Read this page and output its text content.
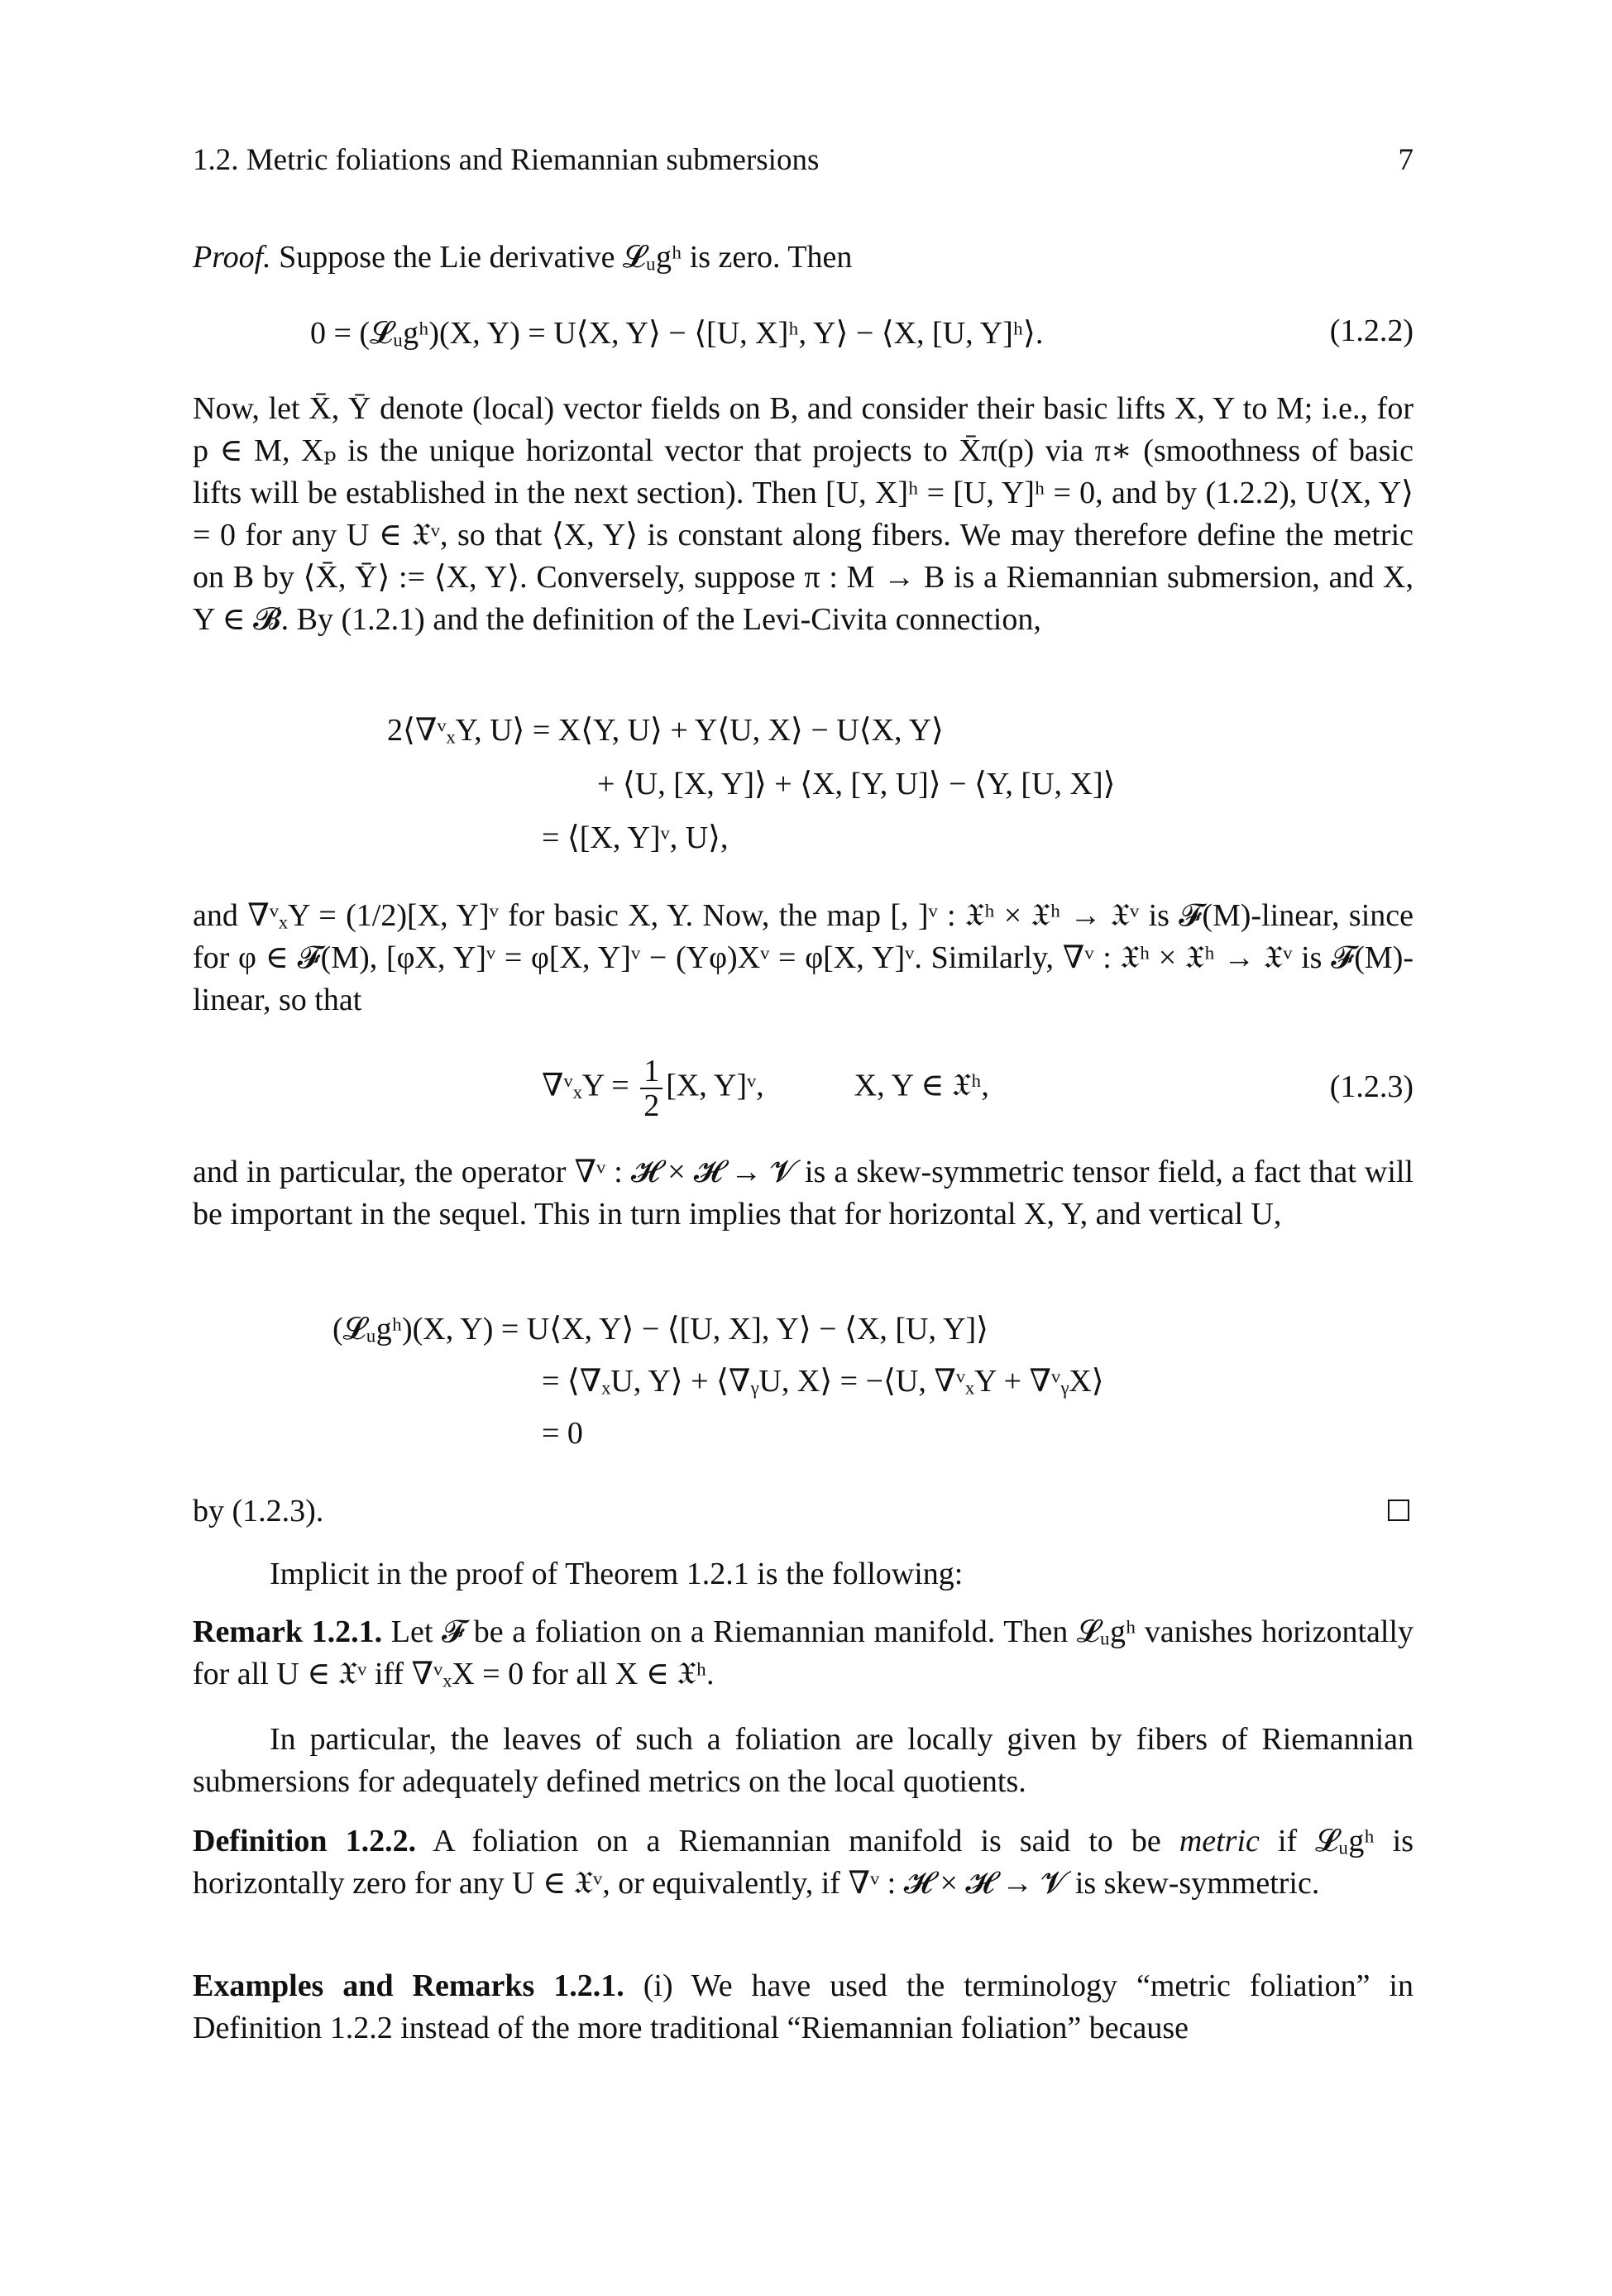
1.2. Metric foliations and Riemannian submersions	7
Proof. Suppose the Lie derivative 𝓛ᵤgʰ is zero. Then
0 = (𝓛ᵤgʰ)(X, Y) = U⟨X, Y⟩ − ⟨[U, X]ʰ, Y⟩ − ⟨X, [U, Y]ʰ⟩.	(1.2.2)
Now, let X̄, Ȳ denote (local) vector fields on B, and consider their basic lifts X, Y to M; i.e., for p ∈ M, Xₚ is the unique horizontal vector that projects to X̄π(p) via π∗ (smoothness of basic lifts will be established in the next section). Then [U, X]ʰ = [U, Y]ʰ = 0, and by (1.2.2), U⟨X, Y⟩ = 0 for any U ∈ 𝔛ᵛ, so that ⟨X, Y⟩ is constant along fibers. We may therefore define the metric on B by ⟨X̄, Ȳ⟩ := ⟨X, Y⟩. Conversely, suppose π : M → B is a Riemannian submersion, and X, Y ∈ 𝓑. By (1.2.1) and the definition of the Levi-Civita connection,
2⟨∇ᵛₓY, U⟩ = X⟨Y, U⟩ + Y⟨U, X⟩ − U⟨X, Y⟩
+ ⟨U, [X, Y]⟩ + ⟨X, [Y, U]⟩ − ⟨Y, [U, X]⟩
= ⟨[X, Y]ᵛ, U⟩,
and ∇ᵛₓY = (1/2)[X, Y]ᵛ for basic X, Y. Now, the map [, ]ᵛ : 𝔛ʰ × 𝔛ʰ → 𝔛ᵛ is 𝓕(M)-linear, since for φ ∈ 𝓕(M), [φX, Y]ᵛ = φ[X, Y]ᵛ − (Yφ)Xᵛ = φ[X, Y]ᵛ. Similarly, ∇ᵛ : 𝔛ʰ × 𝔛ʰ → 𝔛ᵛ is 𝓕(M)-linear, so that
∇ᵛₓY = $\frac{1}{2} [X$, Y]ᵛ,	X, Y ∈ 𝔛ʰ,	(1.2.3)
and in particular, the operator ∇ᵛ : 𝓗 × 𝓗 → 𝓥 is a skew-symmetric tensor field, a fact that will be important in the sequel. This in turn implies that for horizontal X, Y, and vertical U,
(𝓛ᵤgʰ)(X, Y) = U⟨X, Y⟩ − ⟨[U, X], Y⟩ − ⟨X, [U, Y]⟩
= ⟨∇ₓU, Y⟩ + ⟨∇ᵧU, X⟩ = −⟨U, ∇ᵛₓY + ∇ᵛᵧX⟩
= 0
by (1.2.3).
Implicit in the proof of Theorem 1.2.1 is the following:
Remark 1.2.1. Let 𝓕 be a foliation on a Riemannian manifold. Then 𝓛ᵤgʰ vanishes horizontally for all U ∈ 𝔛ᵛ iff ∇ᵛₓX = 0 for all X ∈ 𝔛ʰ.
In particular, the leaves of such a foliation are locally given by fibers of Riemannian submersions for adequately defined metrics on the local quotients.
Definition 1.2.2. A foliation on a Riemannian manifold is said to be metric if 𝓛ᵤgʰ is horizontally zero for any U ∈ 𝔛ᵛ, or equivalently, if ∇ᵛ : 𝓗 × 𝓗 → 𝓥 is skew-symmetric.
Examples and Remarks 1.2.1. (i) We have used the terminology “metric foliation” in Definition 1.2.2 instead of the more traditional “Riemannian foliation” because
